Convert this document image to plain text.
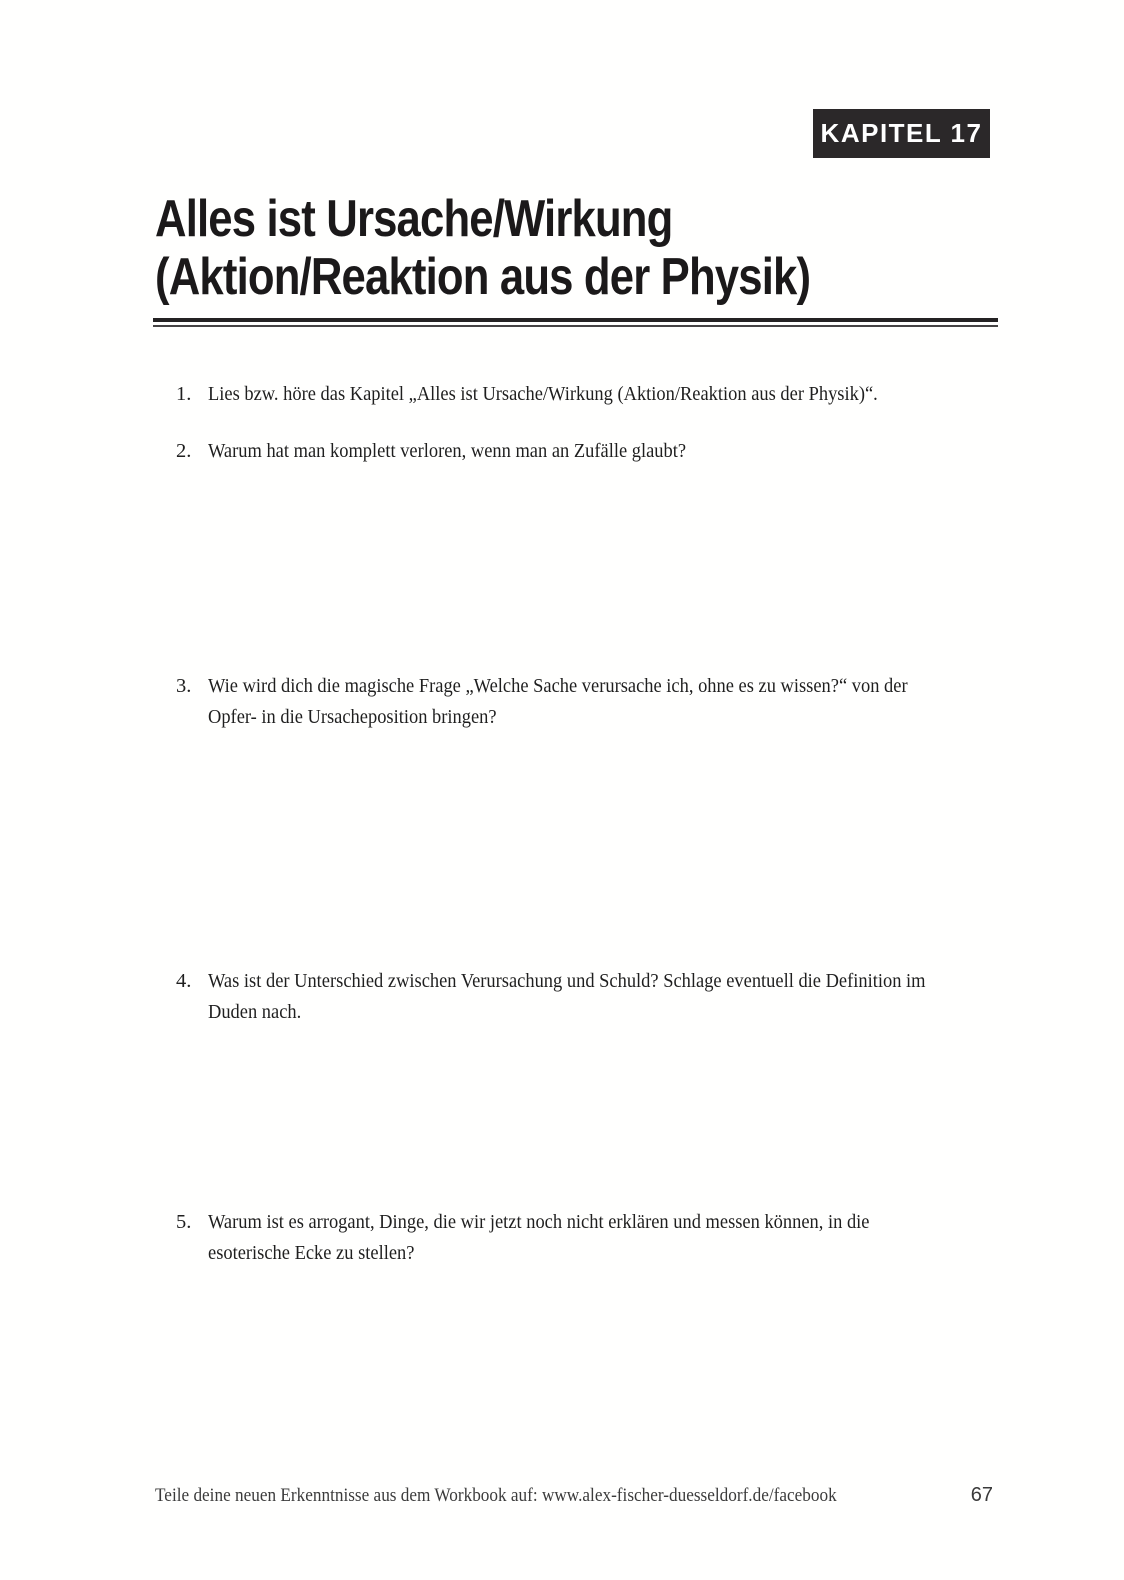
KAPITEL 17
Alles ist Ursache/Wirkung
(Aktion/Reaktion aus der Physik)
1. Lies bzw. höre das Kapitel „Alles ist Ursache/Wirkung (Aktion/Reaktion aus der Physik)“.
2. Warum hat man komplett verloren, wenn man an Zufälle glaubt?
3. Wie wird dich die magische Frage „Welche Sache verursache ich, ohne es zu wissen?“ von der
Opfer- in die Ursacheposition bringen?
4. Was ist der Unterschied zwischen Verursachung und Schuld? Schlage eventuell die Definition im
Duden nach.
5. Warum ist es arrogant, Dinge, die wir jetzt noch nicht erklären und messen können, in die
esoterische Ecke zu stellen?
Teile deine neuen Erkenntnisse aus dem Workbook auf: www.alex-fischer-duesseldorf.de/facebook	67
